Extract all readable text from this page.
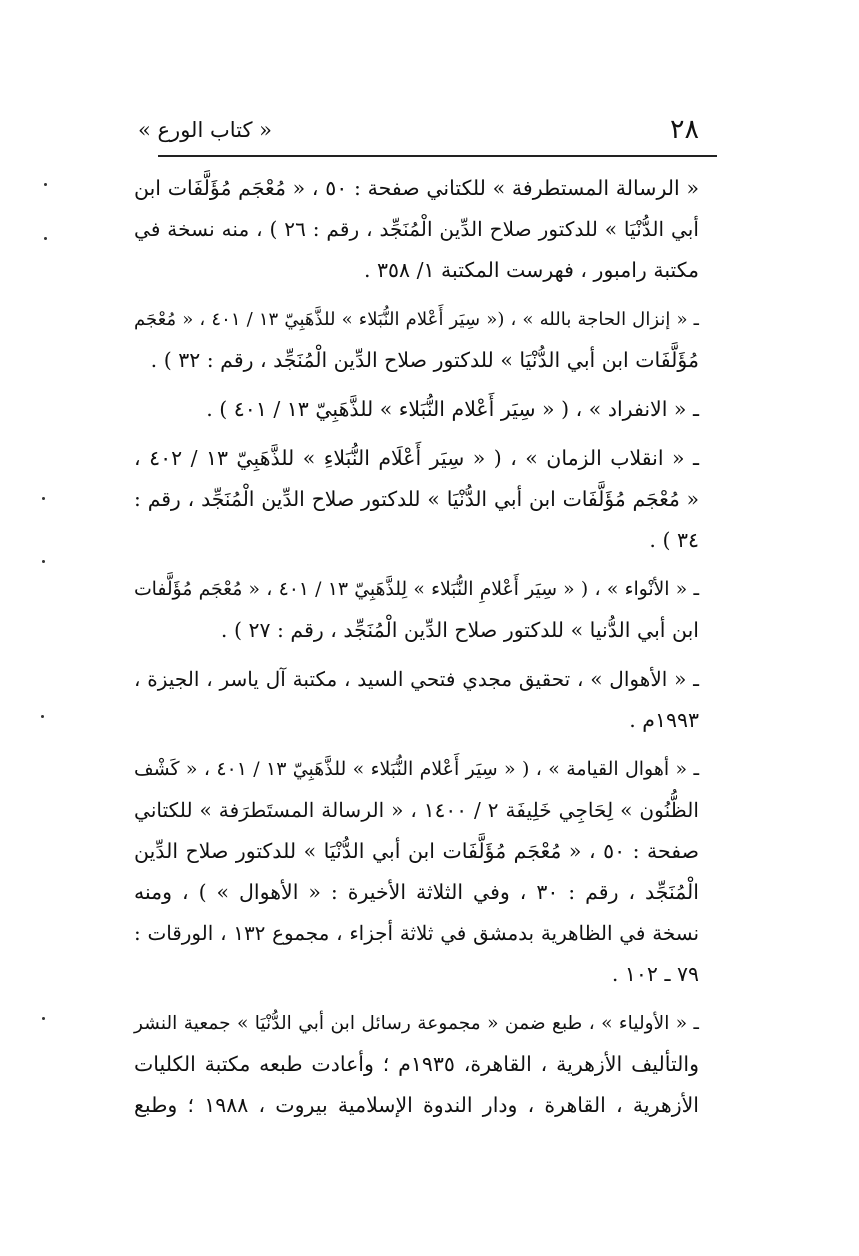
٢٨
« كتاب الورع »
« الرسالة المستطرفة » للكتاني صفحة : ٥٠ ، « مُعْجَم مُؤَلَّفَات ابن
أبي الدُّنْيَا » للدكتور صلاح الدِّين الْمُنَجِّد ، رقم : ٢٦ ) ، منه نسخة في
مكتبة رامبور ، فهرست المكتبة ١/ ٣٥٨ .
ـ « إنزال الحاجة بالله » ، (« سِيَر أَعْلام النُّبَلاء » للذَّهَبِيّ ١٣ / ٤٠١ ، « مُعْجَم
مُؤَلَّفَات ابن أبي الدُّنْيَا » للدكتور صلاح الدِّين الْمُنَجِّد ، رقم : ٣٢ ) .
ـ « الانفراد » ، ( « سِيَر أَعْلام النُّبَلاء » للذَّهَبِيّ ١٣ / ٤٠١ ) .
ـ « انقلاب الزمان » ، ( « سِيَر أَعْلَام النُّبَلاءِ » للذَّهَبِيّ ١٣ / ٤٠٢ ،
« مُعْجَم مُؤَلَّفَات ابن أبي الدُّنْيَا » للدكتور صلاح الدِّين الْمُنَجِّد ، رقم :
٣٤ ) .
ـ « الأنْواء » ، ( « سِيَر أَعْلامِ النُّبَلاء » لِلذَّهَبِيّ ١٣ / ٤٠١ ، « مُعْجَم مُؤَلَّفات
ابن أبي الدُّنيا » للدكتور صلاح الدِّين الْمُنَجِّد ، رقم : ٢٧ ) .
ـ « الأهوال » ، تحقيق مجدي فتحي السيد ، مكتبة آل ياسر ، الجيزة ،
١٩٩٣م .
ـ « أهوال القيامة » ، ( « سِيَر أَعْلام النُّبَلاء » للذَّهَبِيّ ١٣ / ٤٠١ ، « كَشْف
الظُّنُون » لِحَاجِي خَلِيفَة ٢ / ١٤٠٠ ، « الرسالة المستَطرَفة » للكتاني
صفحة : ٥٠ ، « مُعْجَم مُؤَلَّفَات ابن أبي الدُّنْيَا » للدكتور صلاح الدِّين
الْمُنَجِّد ، رقم : ٣٠ ، وفي الثلاثة الأخيرة : « الأهوال » ) ، ومنه
نسخة في الظاهرية بدمشق في ثلاثة أجزاء ، مجموع ١٣٢ ، الورقات :
٧٩ ـ ١٠٢ .
ـ « الأولياء » ، طبع ضمن « مجموعة رسائل ابن أبي الدُّنْيَا » جمعية النشر
والتأليف الأزهرية ، القاهرة، ١٩٣٥م ؛ وأعادت طبعه مكتبة الكليات
الأزهرية ، القاهرة ، ودار الندوة الإسلامية بيروت ، ١٩٨٨ ؛ وطبع
